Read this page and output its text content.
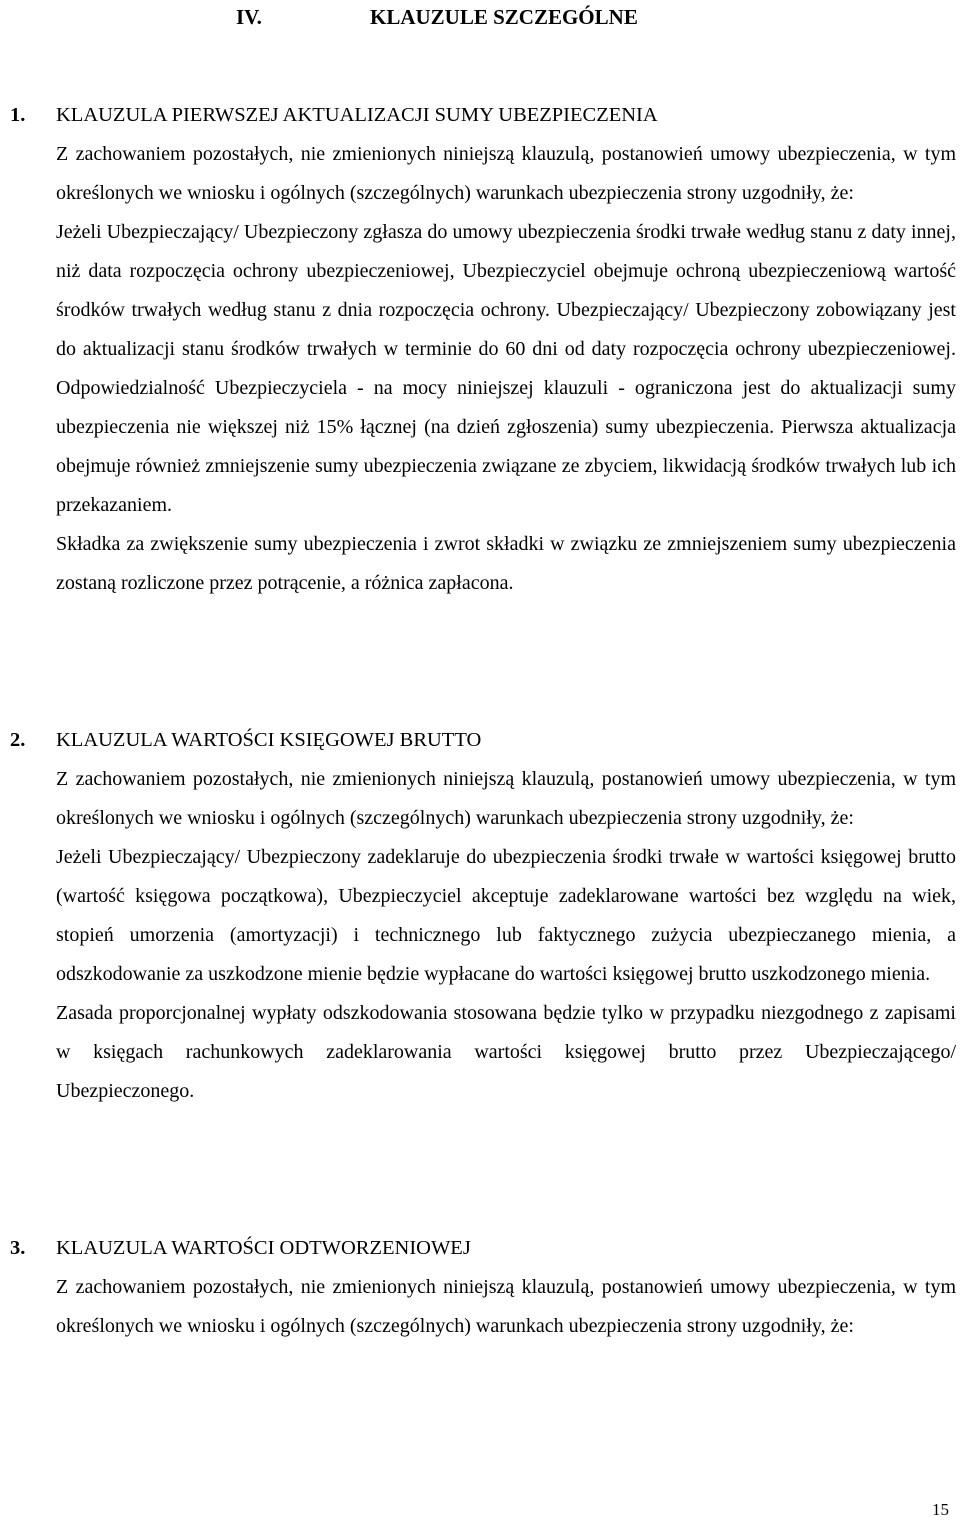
IV.	KLAUZULE SZCZEGÓLNE
1. KLAUZULA PIERWSZEJ AKTUALIZACJI SUMY UBEZPIECZENIA

Z zachowaniem pozostałych, nie zmienionych niniejszą klauzulą, postanowień umowy ubezpieczenia, w tym określonych we wniosku i ogólnych (szczególnych) warunkach ubezpieczenia strony uzgodniły, że:

Jeżeli Ubezpieczający/ Ubezpieczony zgłasza do umowy ubezpieczenia środki trwałe według stanu z daty innej, niż data rozpoczęcia ochrony ubezpieczeniowej, Ubezpieczyciel obejmuje ochroną ubezpieczeniową wartość środków trwałych według stanu z dnia rozpoczęcia ochrony. Ubezpieczający/ Ubezpieczony zobowiązany jest do aktualizacji stanu środków trwałych w terminie do 60 dni od daty rozpoczęcia ochrony ubezpieczeniowej. Odpowiedzialność Ubezpieczyciela - na mocy niniejszej klauzuli - ograniczona jest do aktualizacji sumy ubezpieczenia nie większej niż 15% łącznej (na dzień zgłoszenia) sumy ubezpieczenia. Pierwsza aktualizacja obejmuje również zmniejszenie sumy ubezpieczenia związane ze zbyciem, likwidacją środków trwałych lub ich przekazaniem.

Składka za zwiększenie sumy ubezpieczenia i zwrot składki w związku ze zmniejszeniem sumy ubezpieczenia zostaną rozliczone przez potrącenie, a różnica zapłacona.

2. KLAUZULA WARTOŚCI KSIĘGOWEJ BRUTTO

Z zachowaniem pozostałych, nie zmienionych niniejszą klauzulą, postanowień umowy ubezpieczenia, w tym określonych we wniosku i ogólnych (szczególnych) warunkach ubezpieczenia strony uzgodniły, że:

Jeżeli Ubezpieczający/ Ubezpieczony zadeklaruje do ubezpieczenia środki trwałe w wartości księgowej brutto (wartość księgowa początkowa), Ubezpieczyciel akceptuje zadeklarowane wartości bez względu na wiek, stopień umorzenia (amortyzacji) i technicznego lub faktycznego zużycia ubezpieczanego mienia, a odszkodowanie za uszkodzone mienie będzie wypłacane do wartości księgowej brutto uszkodzonego mienia.

Zasada proporcjonalnej wypłaty odszkodowania stosowana będzie tylko w przypadku niezgodnego z zapisami w księgach rachunkowych zadeklarowania wartości księgowej brutto przez Ubezpieczającego/ Ubezpieczonego.

3. KLAUZULA WARTOŚCI ODTWORZENIOWEJ

Z zachowaniem pozostałych, nie zmienionych niniejszą klauzulą, postanowień umowy ubezpieczenia, w tym określonych we wniosku i ogólnych (szczególnych) warunkach ubezpieczenia strony uzgodniły, że:

15
